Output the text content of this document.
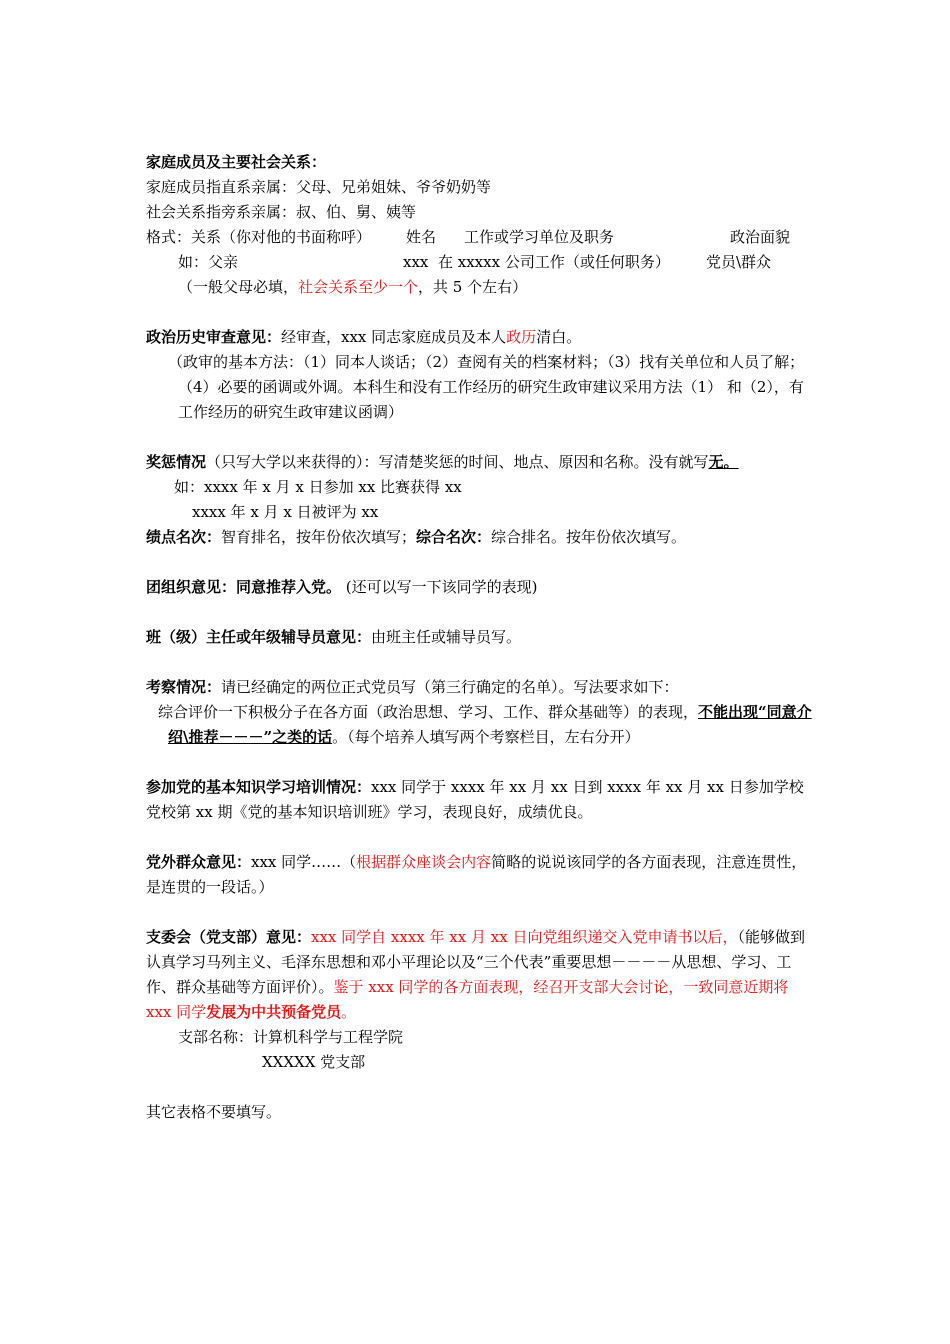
家庭成员及主要社会关系：
家庭成员指直系亲属：父母、兄弟姐妹、爷爷奶奶等
社会关系指旁系亲属：叔、伯、舅、姨等
格式：关系（你对他的书面称呼） 姓名 工作或学习单位及职务	政治面貌
如：父亲	xxx 在 xxxxx 公司工作（或任何职务） 党员\群众
（一般父母必填，社会关系至少一个，共 5 个左右）
政治历史审查意见：经审查，xxx 同志家庭成员及本人政历清白。
（政审的基本方法：（1）同本人谈话；（2）查阅有关的档案材料；（3）找有关单位和人员了解；（4）必要的函调或外调。本科生和没有工作经历的研究生政审建议采用方法（1） 和（2），有工作经历的研究生政审建议函调）
奖惩情况（只写大学以来获得的）：写清楚奖惩的时间、地点、原因和名称。没有就写无。
如：xxxx 年 x 月 x 日参加 xx 比赛获得 xx
xxxx 年 x 月 x 日被评为 xx
绩点名次：智育排名，按年份依次填写；综合名次：综合排名。按年份依次填写。
团组织意见：同意推荐入党。 (还可以写一下该同学的表现)
班（级）主任或年级辅导员意见：由班主任或辅导员写。
考察情况：请已经确定的两位正式党员写（第三行确定的名单）。写法要求如下：
综合评价一下积极分子在各方面（政治思想、学习、工作、群众基础等）的表现，不能出现“同意介绍\推荐－－－”之类的话。（每个培养人填写两个考察栏目，左右分开）
参加党的基本知识学习培训情况：xxx 同学于 xxxx 年 xx 月 xx 日到 xxxx 年 xx 月 xx 日参加学校党校第 xx 期《党的基本知识培训班》学习，表现良好，成绩优良。
党外群众意见：xxx 同学……（根据群众座谈会内容简略的说说该同学的各方面表现，注意连贯性，是连贯的一段话。）
支委会（党支部）意见：xxx 同学自 xxxx 年 xx 月 xx 日向党组织递交入党申请书以后，（能够做到认真学习马列主义、毛泽东思想和邓小平理论以及“三个代表”重要思想－－－－从思想、学习、工作、群众基础等方面评价）。鉴于 xxx 同学的各方面表现，经召开支部大会讨论，一致同意近期将 xxx 同学发展为中共预备党员。
支部名称：计算机科学与工程学院
XXXXX 党支部
其它表格不要填写。
